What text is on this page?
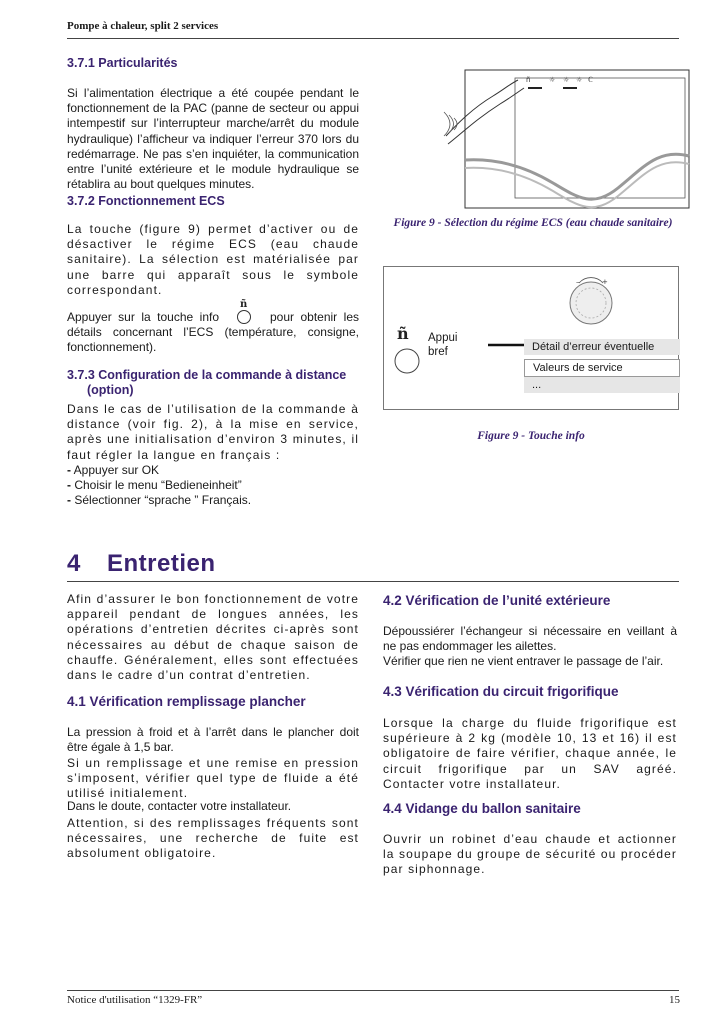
Pompe à chaleur, split 2 services
3.7.1 Particularités

Si l’alimentation électrique a été coupée pendant le fonctionnement de la PAC (panne de secteur ou appui intempestif sur l’interrupteur marche/arrêt du module hydraulique) l’afficheur va indiquer l’erreur 370 lors du redémarrage. Ne pas s’en inquiéter, la communication entre l’unité extérieure et le module hydraulique se rétablira au bout quelques minutes.

3.7.2 Fonctionnement ECS

La touche (figure 9) permet d’activer ou de désactiver le régime ECS (eau chaude sanitaire). La sélection est matérialisée par une barre qui apparaît sous le symbole correspondant.

Appuyer sur la touche info
ñ
pour obtenir les détails concernant l’ECS (température, consigne, fonctionnement).

3.7.3 Configuration de la commande à distance
(option)

Dans le cas de l’utilisation de la commande à distance (voir fig. 2), à la mise en service, après une initialisation d’environ 3 minutes, il faut régler la langue en français :

- Appuyer sur OK
- Choisir le menu “Bedieneinheit”
- Sélectionner “sprache ” Français.
ñ	☼ ☼ ☼ ℂ
Figure 9 - Sélection du régime ECS (eau chaude sanitaire)
–	+
ñ Appui bref	Détail d’erreur éventuelle
Valeurs de service
...
Figure 9 - Touche info
4 Entretien

Afin d’assurer le bon fonctionnement de votre appareil pendant de longues années, les opérations d’entretien décrites ci-après sont nécessaires au début de chaque saison de chauffe. Généralement, elles sont effectuées dans le cadre d’un contrat d’entretien.

4.1 Vérification remplissage plancher

La pression à froid et à l’arrêt dans le plancher doit être égale à 1,5 bar.

Si un remplissage et une remise en pression s’imposent, vérifier quel type de fluide a été utilisé initialement.

Dans le doute, contacter votre installateur.

Attention, si des remplissages fréquents sont nécessaires, une recherche de fuite est absolument obligatoire.

4.2 Vérification de l’unité extérieure

Dépoussiérer l’échangeur si nécessaire en veillant à ne pas endommager les ailettes.

Vérifier que rien ne vient entraver le passage de l’air.

4.3 Vérification du circuit frigorifique

Lorsque la charge du fluide frigorifique est supérieure à 2 kg (modèle 10, 13 et 16) il est obligatoire de faire vérifier, chaque année, le circuit frigorifique par un SAV agréé. Contacter votre installateur.

4.4 Vidange du ballon sanitaire

Ouvrir un robinet d’eau chaude et actionner la soupape du groupe de sécurité ou procéder par siphonnage.

Notice d'utilisation “1329-FR”	15
